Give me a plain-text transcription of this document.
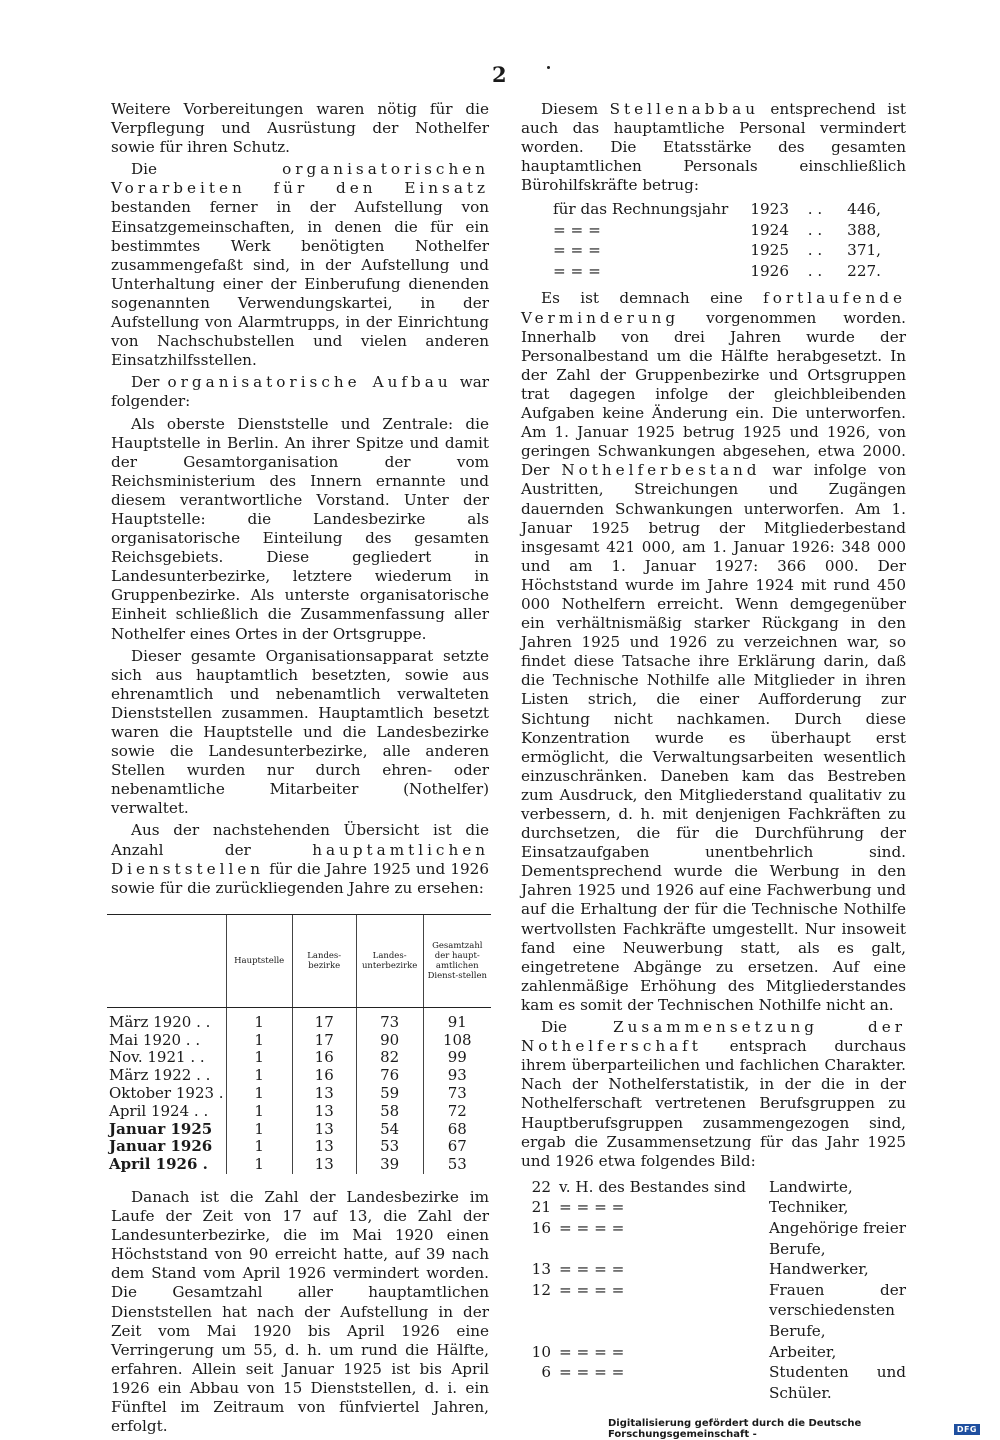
2

Weitere Vorbereitungen waren nötig für die Verpflegung und Ausrüstung der Nothelfer sowie für ihren Schutz.

Die	organisatorischen Vorarbeiten für den Einsatz bestanden ferner in der Aufstellung von Einsatzgemeinschaften, in denen die für ein bestimmtes Werk benötigten Nothelfer zusammengefaßt sind, in der Aufstellung und Unterhaltung einer der Einberufung dienenden sogenannten Verwendungskartei, in der Aufstellung von Alarmtrupps, in der Einrichtung von Nachschubstellen und vielen anderen Einsatzhilfsstellen.

Der organisatorische Aufbau war folgender:

Als oberste Dienststelle und Zentrale: die Hauptstelle in Berlin. An ihrer Spitze und damit der Gesamtorganisation der vom Reichsministerium des Innern ernannte und diesem verantwortliche Vorstand. Unter der Hauptstelle: die Landesbezirke als organisatorische Einteilung des gesamten Reichsgebiets. Diese gegliedert in Landesunterbezirke, letztere wiederum in Gruppenbezirke. Als unterste organisatorische Einheit schließlich die Zusammenfassung aller Nothelfer eines Ortes in der Ortsgruppe.

Dieser gesamte Organisationsapparat setzte sich aus hauptamtlich besetzten, sowie aus ehrenamtlich und nebenamtlich verwalteten Dienststellen zusammen. Hauptamtlich besetzt waren die Hauptstelle und die Landesbezirke sowie die Landesunterbezirke, alle anderen Stellen wurden nur durch ehren- oder nebenamtliche Mitarbeiter (Nothelfer) verwaltet.

Aus der nachstehenden Übersicht ist die Anzahl der	hauptamtlichen Dienststellen für die Jahre 1925 und 1926 sowie für die zurückliegenden Jahre zu ersehen:

	Hauptstelle	Landes-bezirke	Landes-unterbezirke	Gesamtzahl der haupt-amtlichen Dienst-stellen
März 1920 . .	1	17	73	91
Mai 1920 . .	1	17	90	108
Nov. 1921 . .	1	16	82	99
März 1922 . .	1	16	76	93
Oktober 1923 .	1	13	59	73
April 1924 . .	1	13	58	72
Januar 1925	1	13	54	68
Januar 1926	1	13	53	67
April 1926 .	1	13	39	53

Danach ist die Zahl der Landesbezirke im Laufe der Zeit von 17 auf 13, die Zahl der Landesunterbezirke, die im Mai 1920 einen Höchststand von 90 erreicht hatte, auf 39 nach dem Stand vom April 1926 vermindert worden. Die Gesamtzahl aller hauptamtlichen Dienststellen hat nach der Aufstellung in der Zeit vom Mai 1920 bis April 1926 eine Verringerung um 55, d. h. um rund die Hälfte, erfahren. Allein seit Januar 1925 ist bis April 1926 ein Abbau von 15 Dienststellen, d. i. ein Fünftel im Zeitraum von fünfviertel Jahren, erfolgt.

Diesem Stellenabbau entsprechend ist auch das hauptamtliche Personal vermindert worden. Die Etatsstärke des gesamten hauptamtlichen Personals einschließlich Bürohilfskräfte betrug:

für das Rechnungsjahr	1923	. .	446,
= = =	1924	. .	388,
= = =	1925	. .	371,
= = =	1926	. .	227.

Es ist demnach eine fortlaufende Verminderung vorgenommen worden. Innerhalb von drei Jahren wurde der Personalbestand um die Hälfte herabgesetzt. In der Zahl der Gruppenbezirke und Ortsgruppen trat dagegen infolge der gleichbleibenden Aufgaben keine Änderung ein. Die unterworfen. Am 1. Januar 1925 betrug 1925 und 1926, von geringen Schwankungen abgesehen, etwa 2000. Der Nothelferbestand war infolge von Austritten, Streichungen und Zugängen dauernden Schwankungen unterworfen. Am 1. Januar 1925 betrug der Mitgliederbestand insgesamt 421 000, am 1. Januar 1926: 348 000 und am 1. Januar 1927: 366 000. Der Höchststand wurde im Jahre 1924 mit rund 450 000 Nothelfern erreicht. Wenn demgegenüber ein verhältnismäßig starker Rückgang in den Jahren 1925 und 1926 zu verzeichnen war, so findet diese Tatsache ihre Erklärung darin, daß die Technische Nothilfe alle Mitglieder in ihren Listen strich, die einer Aufforderung zur Sichtung nicht nachkamen. Durch diese Konzentration wurde es überhaupt erst ermöglicht, die Verwaltungsarbeiten wesentlich einzuschränken. Daneben kam das Bestreben zum Ausdruck, den Mitgliederstand qualitativ zu verbessern, d. h. mit denjenigen Fachkräften zu durchsetzen, die für die Durchführung der Einsatzaufgaben unentbehrlich sind. Dementsprechend wurde die Werbung in den Jahren 1925 und 1926 auf eine Fachwerbung und auf die Erhaltung der für die Technische Nothilfe wertvollsten Fachkräfte umgestellt. Nur insoweit fand eine Neuwerbung statt, als es galt, eingetretene Abgänge zu ersetzen. Auf eine zahlenmäßige Erhöhung des Mitgliederstandes kam es somit der Technischen Nothilfe nicht an.

Die	Zusammensetzung der Nothelferschaft entsprach durchaus ihrem überparteilichen und fachlichen Charakter. Nach der Nothelferstatistik, in der die in der Nothelferschaft vertretenen Berufsgruppen zu Hauptberufsgruppen zusammengezogen sind, ergab die Zusammensetzung für das Jahr 1925 und 1926 etwa folgendes Bild:

22 v. H. des Bestandes sind	Landwirte,
21 = = = =	Techniker,
16 = = = =	Angehörige freier Berufe,
13 = = = =	Handwerker,
12 = = = =	Frauen der verschiedensten Berufe,
10 = = = =	Arbeiter,
6 = = = =	Studenten und Schüler.
Digitalisierung gefördert durch die Deutsche Forschungsgemeinschaft -	DFG
